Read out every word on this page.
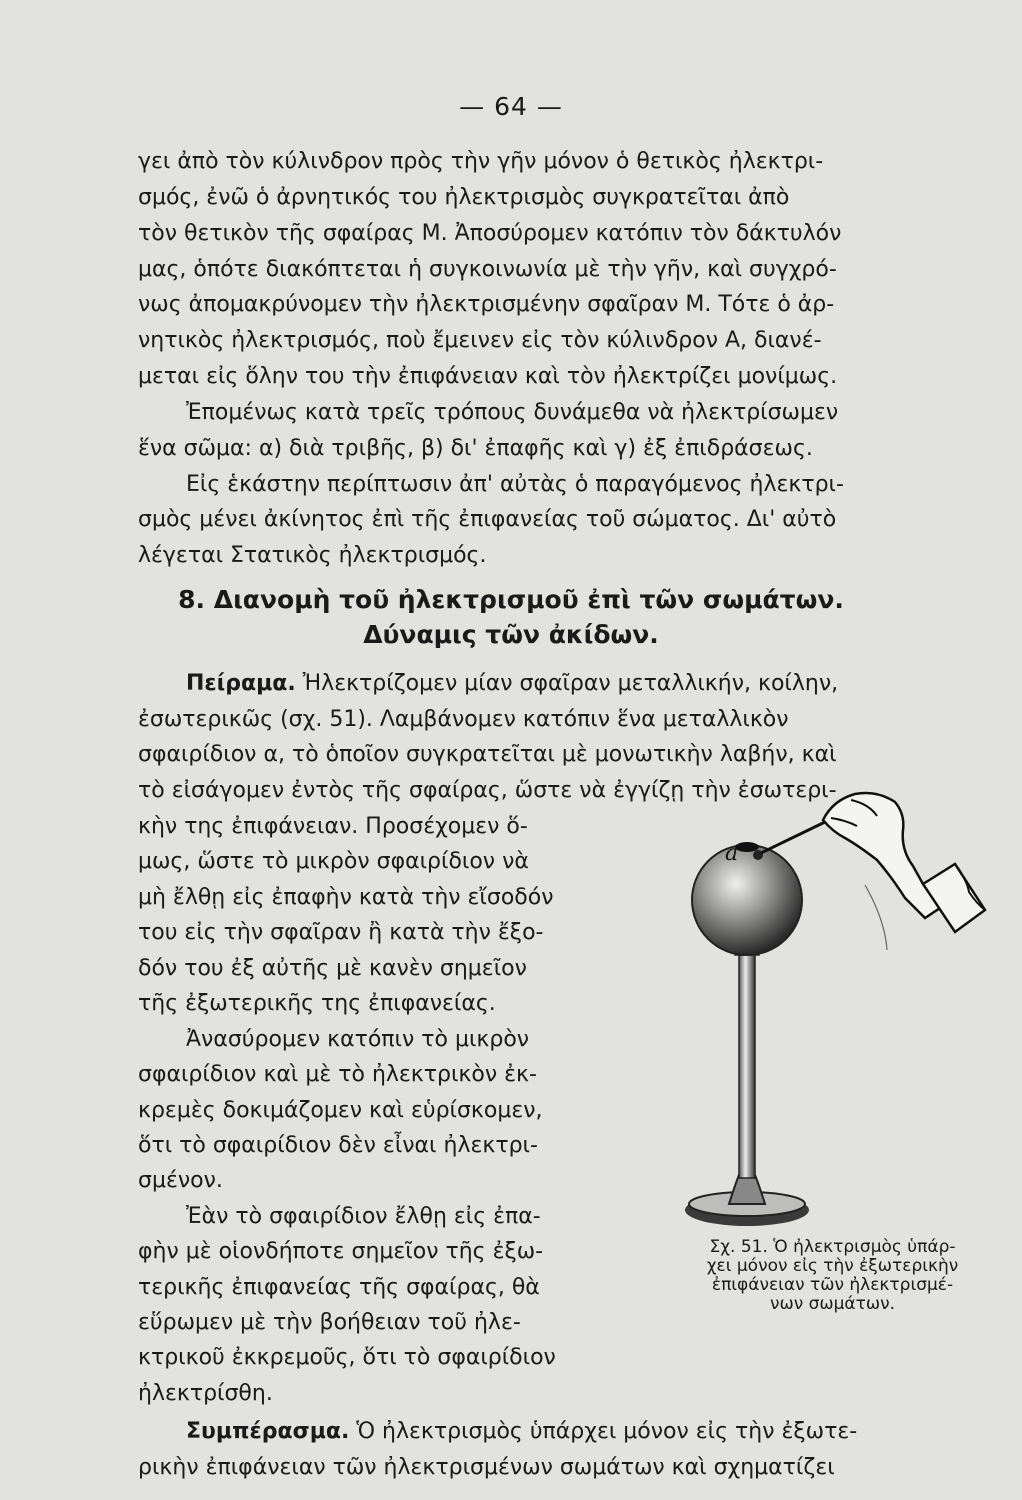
— 64 —
γει ἀπὸ τὸν κύλινδρον πρὸς τὴν γῆν μόνον ὁ θετικὸς ἠλεκτρι-
σμός, ἐνῶ ὁ ἀρνητικός του ἠλεκτρισμὸς συγκρατεῖται ἀπὸ
τὸν θετικὸν τῆς σφαίρας Μ. Ἀποσύρομεν κατόπιν τὸν δάκτυλόν
μας, ὁπότε διακόπτεται ἡ συγκοινωνία μὲ τὴν γῆν, καὶ συγχρό-
νως ἀπομακρύνομεν τὴν ἠλεκτρισμένην σφαῖραν Μ. Τότε ὁ ἀρ-
νητικὸς ἠλεκτρισμός, ποὺ ἔμεινεν εἰς τὸν κύλινδρον Α, διανέ-
μεται εἰς ὅλην του τὴν ἐπιφάνειαν καὶ τὸν ἠλεκτρίζει μονίμως.
Ἐπομένως κατὰ τρεῖς τρόπους δυνάμεθα νὰ ἠλεκτρίσωμεν
ἕνα σῶμα: α) διὰ τριβῆς, β) δι' ἐπαφῆς καὶ γ) ἐξ ἐπιδράσεως.
Εἰς ἑκάστην περίπτωσιν ἀπ' αὐτὰς ὁ παραγόμενος ἠλεκτρι-
σμὸς μένει ἀκίνητος ἐπὶ τῆς ἐπιφανείας τοῦ σώματος. Δι' αὐτὸ
λέγεται Στατικὸς ἠλεκτρισμός.
8. Διανομὴ τοῦ ἠλεκτρισμοῦ ἐπὶ τῶν σωμάτων.
Δύναμις τῶν ἀκίδων.
Πείραμα. Ἠλεκτρίζομεν μίαν σφαῖραν μεταλλικήν, κοίλην,
ἐσωτερικῶς (σχ. 51). Λαμβάνομεν κατόπιν ἕνα μεταλλικὸν
σφαιρίδιον α, τὸ ὁποῖον συγκρατεῖται μὲ μονωτικὴν λαβήν, καὶ
τὸ εἰσάγομεν ἐντὸς τῆς σφαίρας, ὥστε νὰ ἐγγίζῃ τὴν ἐσωτερι-
κὴν της ἐπιφάνειαν. Προσέχομεν ὅ-
μως, ὥστε τὸ μικρὸν σφαιρίδιον νὰ
μὴ ἔλθῃ εἰς ἐπαφὴν κατὰ τὴν εἴσοδόν
του εἰς τὴν σφαῖραν ἢ κατὰ τὴν ἔξο-
δόν του ἐξ αὐτῆς μὲ κανὲν σημεῖον
τῆς ἐξωτερικῆς της ἐπιφανείας.
Ἀνασύρομεν κατόπιν τὸ μικρὸν
σφαιρίδιον καὶ μὲ τὸ ἠλεκτρικὸν ἐκ-
κρεμὲς δοκιμάζομεν καὶ εὑρίσκομεν,
ὅτι τὸ σφαιρίδιον δὲν εἶναι ἠλεκτρι-
σμένον.
Ἐὰν τὸ σφαιρίδιον ἔλθῃ εἰς ἐπα-
φὴν μὲ οἱονδήποτε σημεῖον τῆς ἐξω-
τερικῆς ἐπιφανείας τῆς σφαίρας, θὰ
εὕρωμεν μὲ τὴν βοήθειαν τοῦ ἠλε-
κτρικοῦ ἐκκρεμοῦς, ὅτι τὸ σφαιρίδιον
ἠλεκτρίσθη.
a
Σχ. 51. Ὁ ἠλεκτρισμὸς ὑπάρ-
χει μόνον εἰς τὴν ἐξωτερικὴν
ἐπιφάνειαν τῶν ἠλεκτρισμέ-
νων σωμάτων.
Συμπέρασμα. Ὁ ἠλεκτρισμὸς ὑπάρχει μόνον εἰς τὴν ἐξωτε-
ρικὴν ἐπιφάνειαν τῶν ἠλεκτρισμένων σωμάτων καὶ σχηματίζει
